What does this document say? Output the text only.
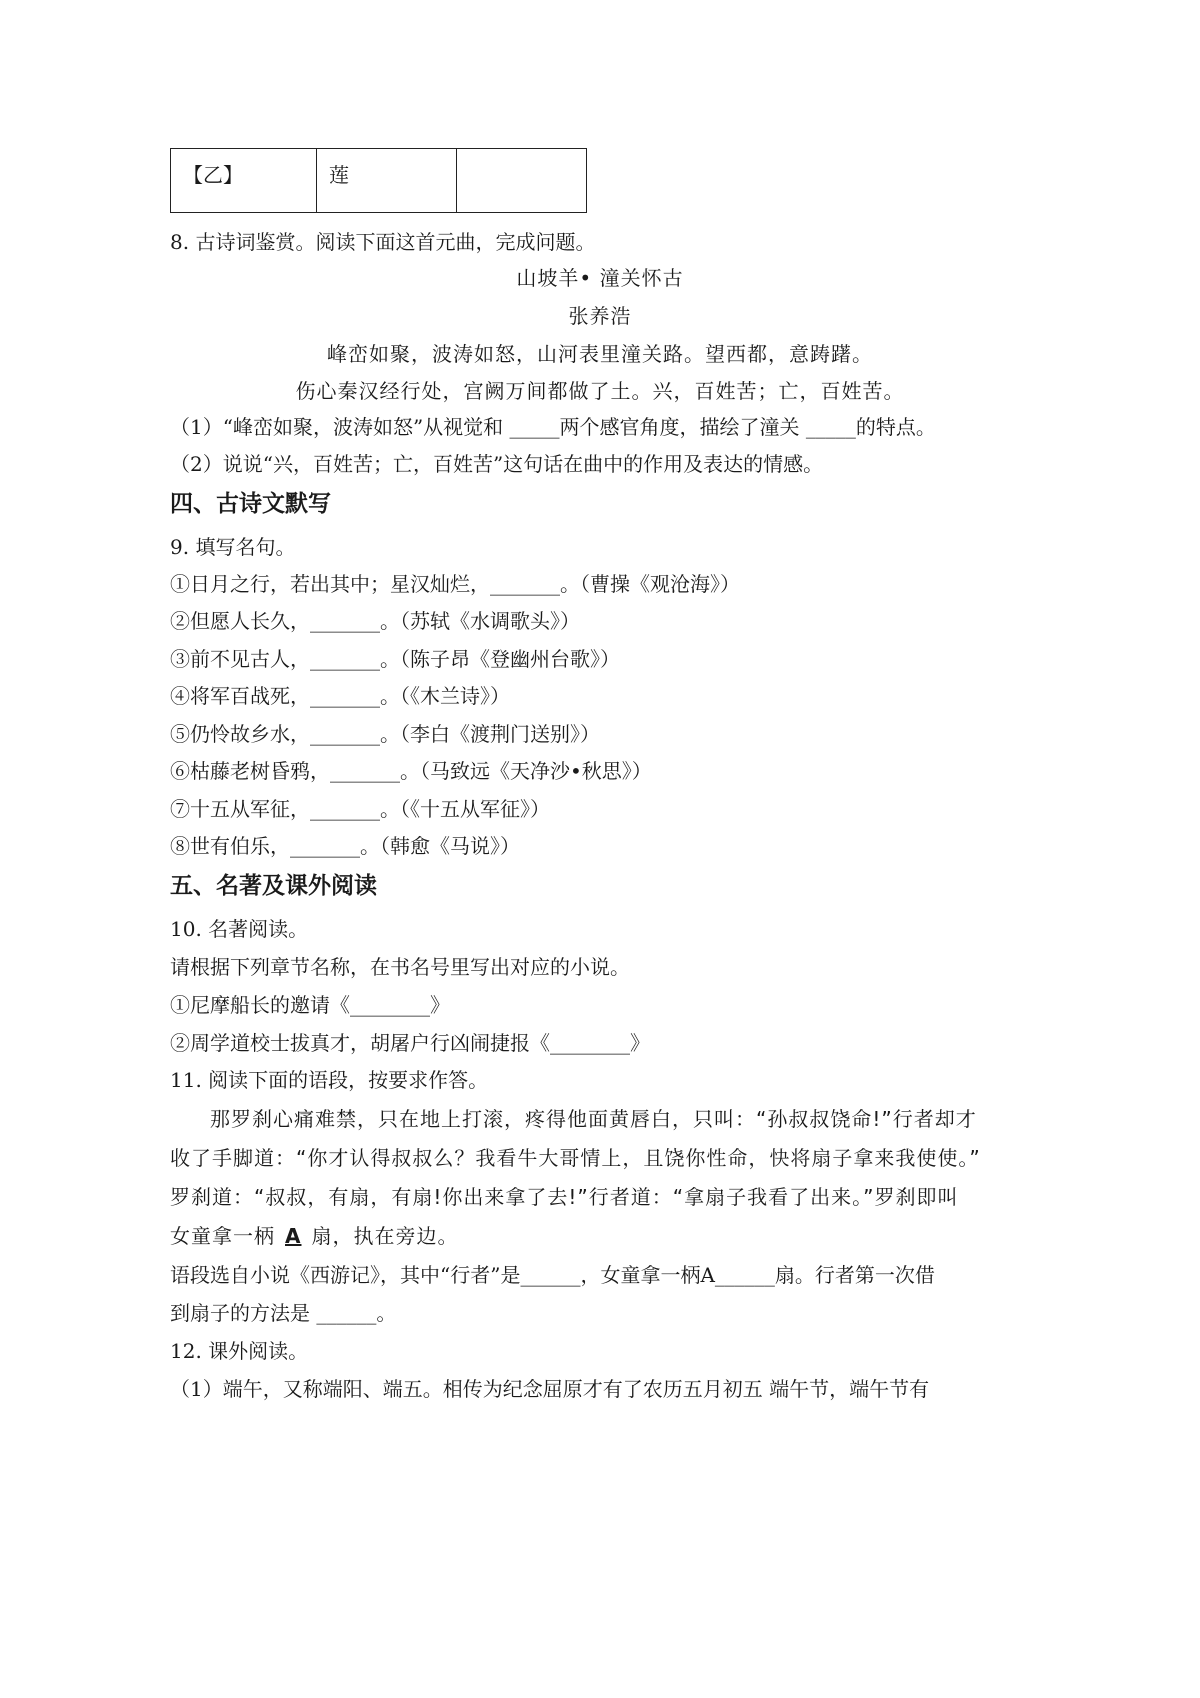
【乙】	莲	
8. 古诗词鉴赏。阅读下面这首元曲，完成问题。
山坡羊• 潼关怀古
张养浩
峰峦如聚，波涛如怒，山河表里潼关路。望西都，意踌躇。
伤心秦汉经行处，宫阙万间都做了土。兴，百姓苦；亡，百姓苦。
（1）“峰峦如聚，波涛如怒”从视觉和 _____两个感官角度，描绘了潼关 _____的特点。
（2）说说“兴，百姓苦；亡，百姓苦”这句话在曲中的作用及表达的情感。
四、古诗文默写
9. 填写名句。
①日月之行，若出其中；星汉灿烂，_______。（曹操《观沧海》）
②但愿人长久，_______。（苏轼《水调歌头》）
③前不见古人，_______。（陈子昂《登幽州台歌》）
④将军百战死，_______。（《木兰诗》）
⑤仍怜故乡水，_______。（李白《渡荆门送别》）
⑥枯藤老树昏鸦，_______。（马致远《天净沙•秋思》）
⑦十五从军征，_______。（《十五从军征》）
⑧世有伯乐，_______。（韩愈《马说》）
五、名著及课外阅读
10. 名著阅读。
请根据下列章节名称，在书名号里写出对应的小说。
①尼摩船长的邀请《________》
②周学道校士拔真才，胡屠户行凶闹捷报《________》
11. 阅读下面的语段，按要求作答。
那罗刹心痛难禁，只在地上打滚，疼得他面黄唇白，只叫：“孙叔叔饶命!”行者却才
收了手脚道：“你才认得叔叔么？我看牛大哥情上，且饶你性命，快将扇子拿来我使使。”
罗刹道：“叔叔，有扇，有扇!你出来拿了去!”行者道：“拿扇子我看了出来。”罗刹即叫
女童拿一柄 A 扇，执在旁边。
语段选自小说《西游记》，其中“行者”是______，女童拿一柄A______扇。行者第一次借
到扇子的方法是 ______。
12. 课外阅读。
（1）端午，又称端阳、端五。相传为纪念屈原才有了农历五月初五 端午节，端午节有
